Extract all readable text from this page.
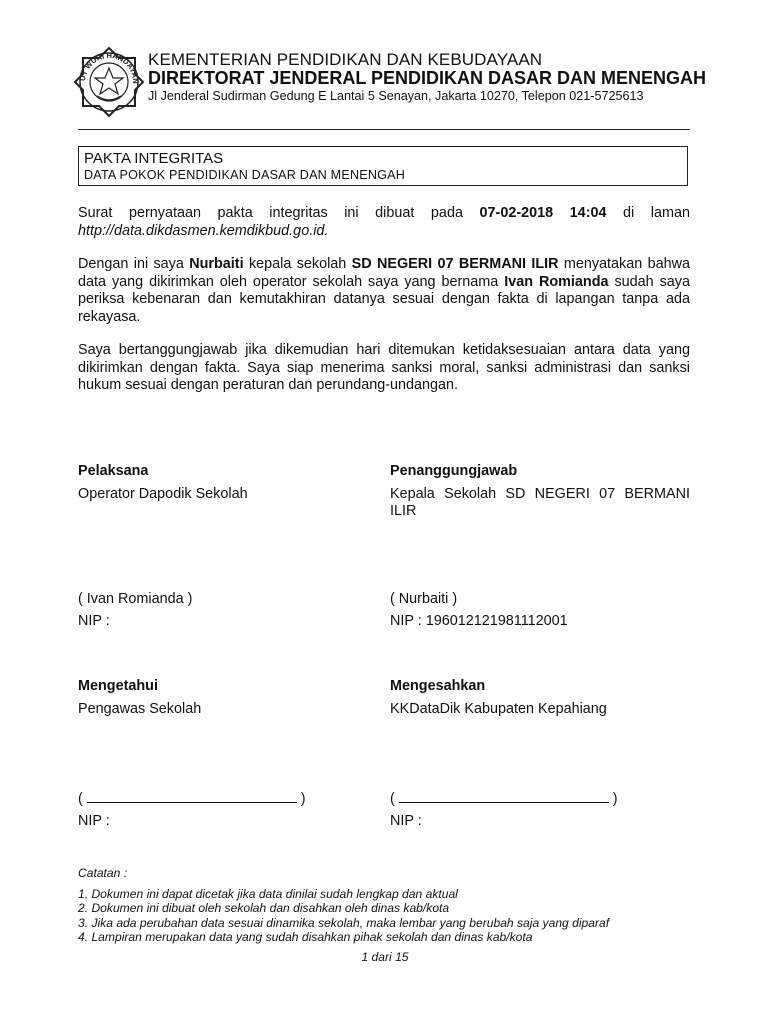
UT WURI HANDAYAN
KEMENTERIAN PENDIDIKAN DAN KEBUDAYAAN
DIREKTORAT JENDERAL PENDIDIKAN DASAR DAN MENENGAH
Jl Jenderal Sudirman Gedung E Lantai 5 Senayan, Jakarta 10270, Telepon 021-5725613
PAKTA INTEGRITAS
DATA POKOK PENDIDIKAN DASAR DAN MENENGAH
Surat pernyataan pakta integritas ini dibuat pada 07-02-2018 14:04 di laman http://data.dikdasmen.kemdikbud.go.id.
Dengan ini saya Nurbaiti kepala sekolah SD NEGERI 07 BERMANI ILIR menyatakan bahwa data yang dikirimkan oleh operator sekolah saya yang bernama Ivan Romianda sudah saya periksa kebenaran dan kemutakhiran datanya sesuai dengan fakta di lapangan tanpa ada rekayasa.
Saya bertanggungjawab jika dikemudian hari ditemukan ketidaksesuaian antara data yang dikirimkan dengan fakta. Saya siap menerima sanksi moral, sanksi administrasi dan sanksi hukum sesuai dengan peraturan dan perundang-undangan.
Pelaksana
Operator Dapodik Sekolah
Penanggungjawab
Kepala Sekolah SD NEGERI 07 BERMANI ILIR
( Ivan Romianda )
NIP :
( Nurbaiti )
NIP : 196012121981112001
Mengetahui
Pengawas Sekolah
Mengesahkan
KKDataDik Kabupaten Kepahiang
(	)
NIP :
(	)
NIP :
Catatan :
1. Dokumen ini dapat dicetak jika data dinilai sudah lengkap dan aktual
2. Dokumen ini dibuat oleh sekolah dan disahkan oleh dinas kab/kota
3. Jika ada perubahan data sesuai dinamika sekolah, maka lembar yang berubah saja yang diparaf
4. Lampiran merupakan data yang sudah disahkan pihak sekolah dan dinas kab/kota
1 dari 15
